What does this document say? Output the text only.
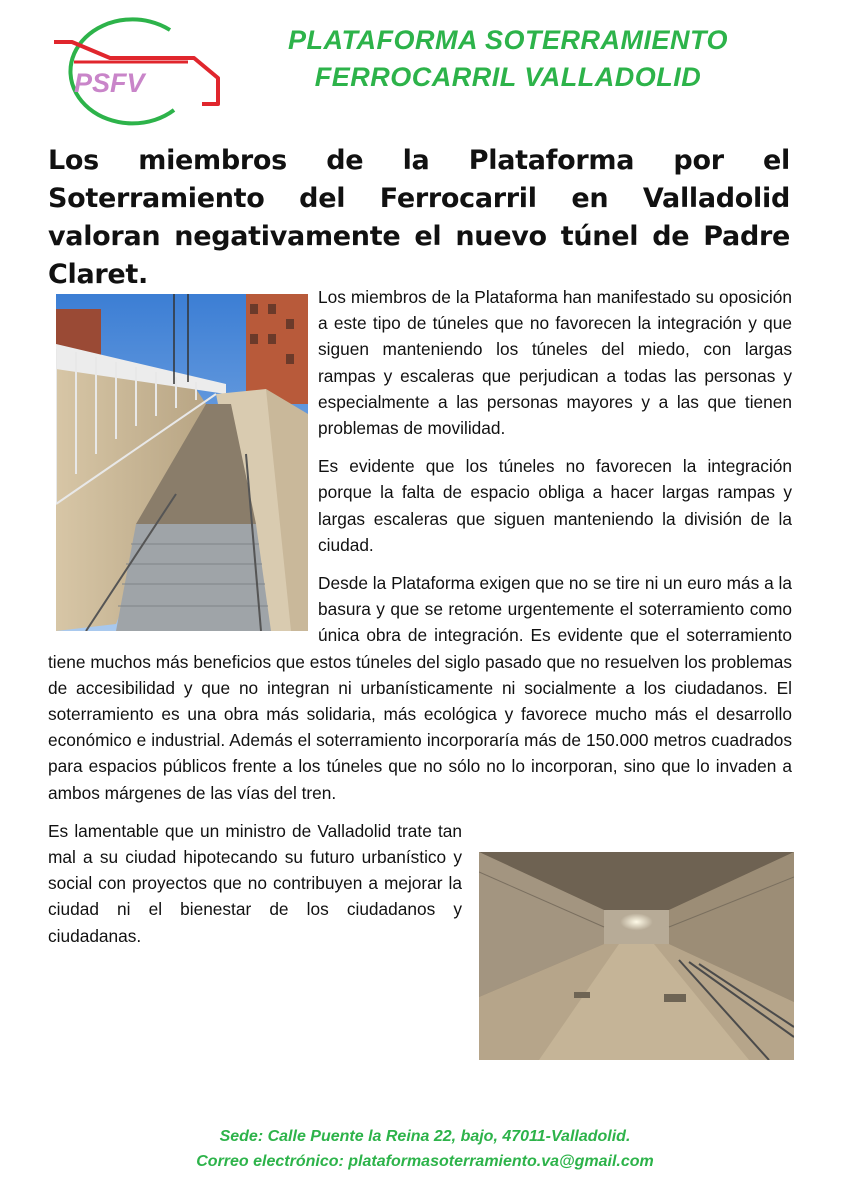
PSFV
PLATAFORMA SOTERRAMIENTO
FERROCARRIL VALLADOLID
Los miembros de la Plataforma por el Soterramiento del Ferrocarril en Valladolid valoran negativamente el nuevo túnel de Padre Claret.

Los miembros de la Plataforma han manifestado su oposición a este tipo de túneles que no favorecen la integración y que siguen manteniendo los túneles del miedo, con largas rampas y escaleras que perjudican a todas las personas y especialmente a las personas mayores y a las que tienen problemas de movilidad.

Es evidente que los túneles no favorecen la integración porque la falta de espacio obliga a hacer largas rampas y largas escaleras que siguen manteniendo la división de la ciudad.

Desde la Plataforma exigen que no se tire ni un euro más a la basura y que se retome urgentemente el soterramiento como única obra de integración. Es evidente que el soterramiento tiene muchos más beneficios que estos túneles del siglo pasado que no resuelven los problemas de accesibilidad y que no integran ni urbanísticamente ni socialmente a los ciudadanos. El soterramiento es una obra más solidaria, más ecológica y favorece mucho más el desarrollo económico e industrial. Además el soterramiento incorporaría más de 150.000 metros cuadrados para espacios públicos frente a los túneles que no sólo no lo incorporan, sino que lo invaden a ambos márgenes de las vías del tren.

Es lamentable que un ministro de Valladolid trate tan mal a su ciudad hipotecando su futuro urbanístico y social con proyectos que no contribuyen a mejorar la ciudad ni el bienestar de los ciudadanos y ciudadanas.

Sede: Calle Puente la Reina 22, bajo, 47011-Valladolid.
Correo electrónico: plataformasoterramiento.va@gmail.com
